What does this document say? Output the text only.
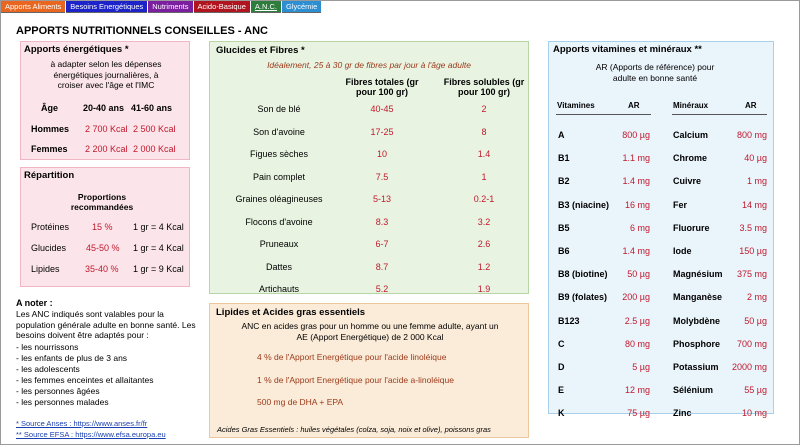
Apports Aliments	Besoins Energétiques	Nutriments	Acido-Basique	A.N.C.	Glycémie
APPORTS NUTRITIONNELS CONSEILLES - ANC
Apports énergétiques *
à adapter selon les dépenses énergétiques journalières, à croiser avec l'âge et l'IMC
Âge	20-40 ans 41-60 ans
Hommes 2 700 Kcal 2 500 Kcal
Femmes 2 200 Kcal 2 000 Kcal
Répartition
Proportions recommandées
Protéines	15 % 1 gr = 4 Kcal
Glucides 45-50 % 1 gr = 4 Kcal
Lipides	35-40 % 1 gr = 9 Kcal
A noter :
Les ANC indiqués sont valables pour la population générale adulte en bonne santé. Les besoins doivent être adaptés pour :
- les nourrissons
- les enfants de plus de 3 ans
- les adolescents
- les femmes enceintes et allaitantes
- les personnes âgées
- les personnes malades
* Source Anses : https://www.anses.fr/fr
** Source EFSA : https://www.efsa.europa.eu
Glucides et Fibres *
Idéalement, 25 à 30 gr de fibres par jour à l'âge adulte
Fibres totales (gr pour 100 gr)
Fibres solubles (gr pour 100 gr)
Son de blé	40-45	2
Son d'avoine	17-25	8
Figues sèches	10	1.4
Pain complet	7.5	1
Graines oléagineuses	5-13	0.2-1
Flocons d'avoine	8.3	3.2
Pruneaux	6-7	2.6
Dattes	8.7	1.2
Artichauts	5.2	1.9
Lipides et Acides gras essentiels
ANC en acides gras pour un homme ou une femme adulte, ayant un AE (Apport Energétique) de 2 000 Kcal
4 % de l'Apport Energétique pour l'acide linoléique
1 % de l'Apport Energétique pour l'acide a-linoléique
500 mg de DHA + EPA
Acides Gras Essentiels : huiles végétales (colza, soja, noix et olive), poissons gras
Apports vitamines et minéraux **
AR (Apports de référence) pour adulte en bonne santé
Vitamines	AR	Minéraux	AR
A	800 µg	Calcium	800 mg
B1	1.1 mg	Chrome	40 µg
B2	1.4 mg	Cuivre	1 mg
B3 (niacine)	16 mg	Fer	14 mg
B5	6 mg	Fluorure	3.5 mg
B6	1.4 mg	Iode	150 µg
B8 (biotine)	50 µg	Magnésium	375 mg
B9 (folates)	200 µg	Manganèse	2 mg
B123	2.5 µg	Molybdène	50 µg
C	80 mg	Phosphore	700 mg
D	5 µg	Potassium	2000 mg
E	12 mg	Sélénium	55 µg
K	75 µg	Zinc	10 mg
